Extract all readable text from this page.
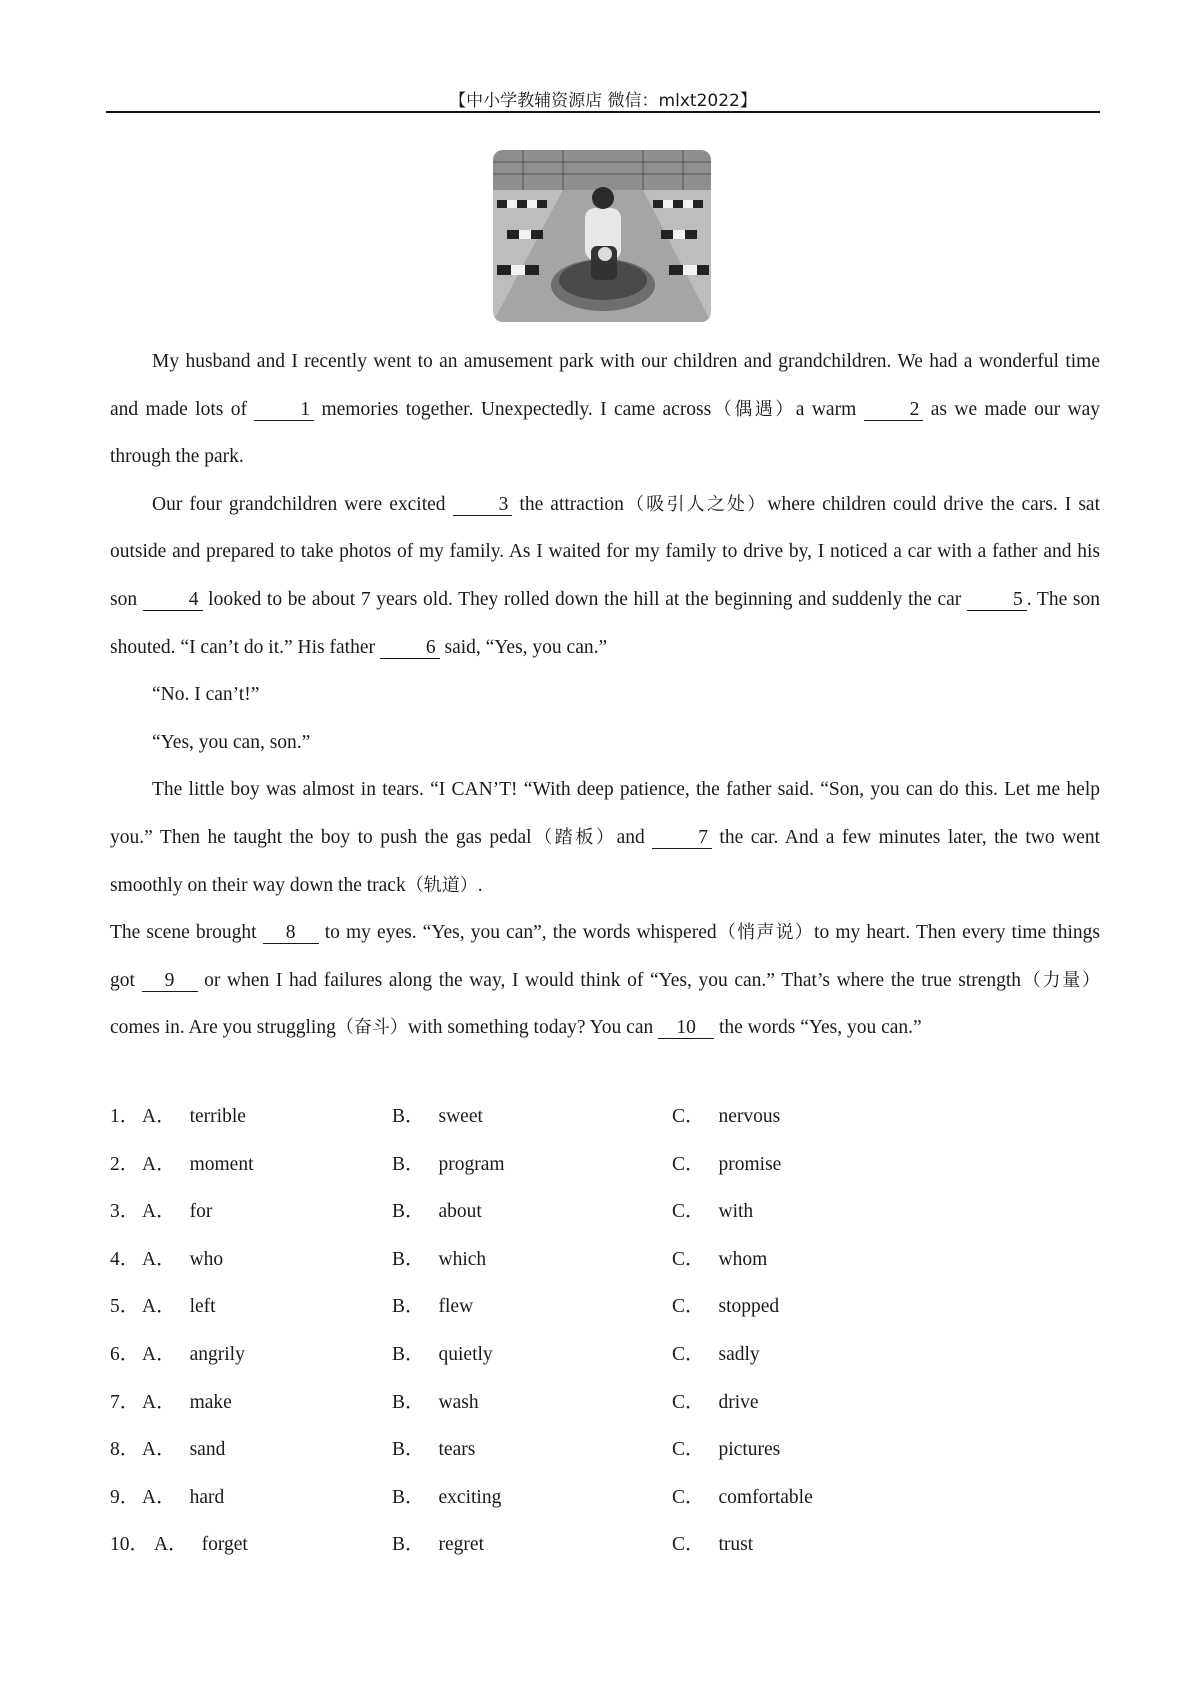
【中小学教辅资源店 微信：mlxt2022】

My husband and I recently went to an amusement park with our children and grandchildren. We had a wonderful time and made lots of 1 memories together. Unexpectedly. I came across（偶遇）a warm 2 as we made our way through the park.

Our four grandchildren were excited 3 the attraction（吸引人之处）where children could drive the cars. I sat outside and prepared to take photos of my family. As I waited for my family to drive by, I noticed a car with a father and his son 4 looked to be about 7 years old. They rolled down the hill at the beginning and suddenly the car 5 . The son shouted. “I can’t do it.” His father 6 said, “Yes, you can.”

“No. I can’t!”

“Yes, you can, son.”

The little boy was almost in tears. “I CAN’T! “With deep patience, the father said. “Son, you can do this. Let me help you.” Then he taught the boy to push the gas pedal（踏板）and 7 the car. And a few minutes later, the two went smoothly on their way down the track（轨道）.

The scene brought 8 to my eyes. “Yes, you can”, the words whispered（悄声说）to my heart. Then every time things got 9 or when I had failures along the way, I would think of “Yes, you can.” That’s where the true strength（力量）comes in. Are you struggling（奋斗）with something today? You can 10 the words “Yes, you can.”

1． A． terrible	B． sweet	C． nervous
2． A． moment	B． program	C． promise
3． A． for	B． about	C． with
4． A． who	B． which	C． whom
5． A． left	B． flew	C． stopped
6． A． angrily	B． quietly	C． sadly
7． A． make	B． wash	C． drive
8． A． sand	B． tears	C． pictures
9． A． hard	B． exciting	C． comfortable
10． A． forget	B． regret	C． trust
